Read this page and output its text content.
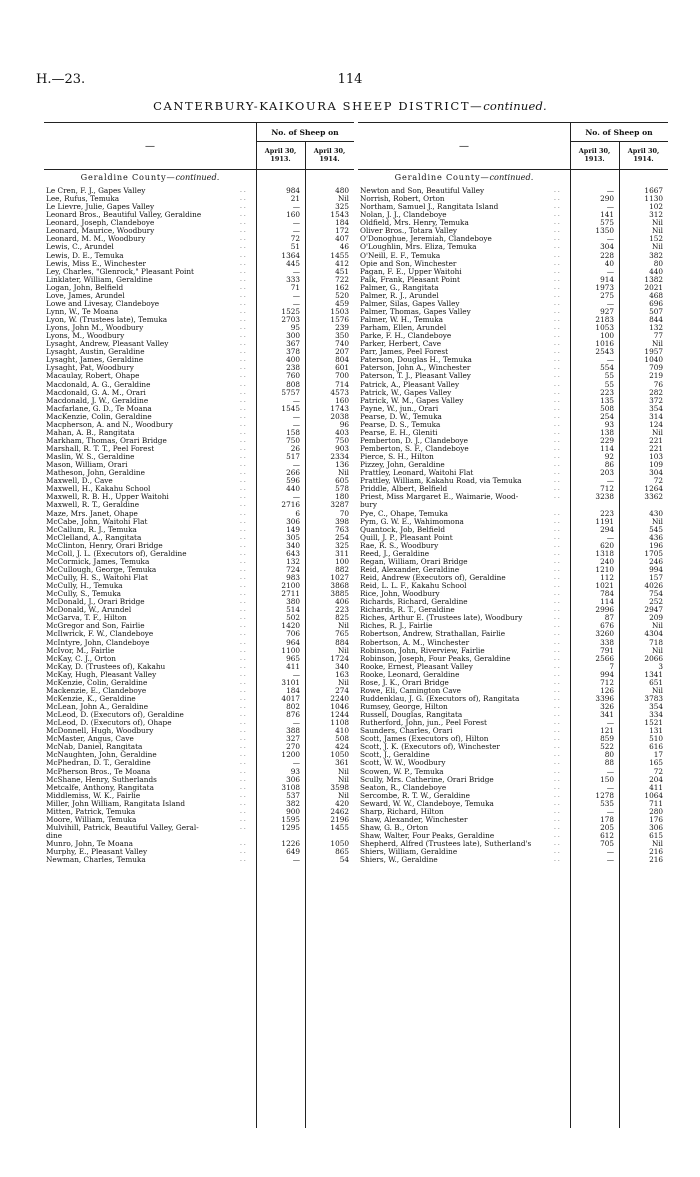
H.—23.	114
CANTERBURY-KAIKOURA SHEEP DISTRICT—continued.
—
No. of Sheep on
April 30,
1913.
April 30,
1914.
Geraldine County—continued.
Le Cren, F. J., Gapes Valley	. .	984	480
Lee, Rufus, Temuka	. .	21	Nil
Le Lievre, Julie, Gapes Valley	. .	—	325
Leonard Bros., Beautiful Valley, Geraldine	. .	160	1543
Leonard, Joseph, Clandeboye	. .	—	184
Leonard, Maurice, Woodbury	. .	—	172
Leonard, M. M., Woodbury	. .	72	407
Lewis, C., Arundel	. .	51	46
Lewis, D. E., Temuka	. .	1364	1455
Lewis, Miss E., Winchester	. .	445	412
Ley, Charles, "Glenrock," Pleasant Point	. .	—	451
Linklater, William, Geraldine	. .	333	722
Logan, John, Belfield	. .	71	162
Love, James, Arundel	. .	—	520
Lowe and Livesay, Clandeboye	. .	—	459
Lynn, W., Te Moana	. .	1525	1503
Lyon, W. (Trustees late), Temuka	. .	2703	1576
Lyons, John M., Woodbury	. .	95	239
Lyons, M., Woodbury	. .	300	350
Lysaght, Andrew, Pleasant Valley	. .	367	740
Lysaght, Austin, Geraldine	. .	378	207
Lysaght, James, Geraldine	. .	400	804
Lysaght, Pat, Woodbury	. .	238	601
Macaulay, Robert, Ohape	. .	760	700
Macdonald, A. G., Geraldine	. .	808	714
Macdonald, G. A. M., Orari	. .	5757	4573
Macdonald, J. W., Geraldine	. .	—	160
Macfarlane, G. D., Te Moana	. .	1545	1743
MacKenzie, Colin, Geraldine	. .	—	2038
Macpherson, A. and N., Woodbury	. .	—	96
Mahan, A. B., Rangitata	. .	158	403
Markham, Thomas, Orari Bridge	. .	750	750
Marshall, R. T. T., Peel Forest	. .	26	903
Maslin, W. S., Geraldine	. .	517	2334
Mason, William, Orari	. .	—	136
Matheson, John, Geraldine	. .	266	Nil
Maxwell, D., Cave	. .	596	605
Maxwell, H., Kakahu School	. .	440	578
Maxwell, R. B. H., Upper Waitohi	. .	—	180
Maxwell, R. T., Geraldine	. .	2716	3287
Maze, Mrs. Janet, Ohape	. .	6	70
McCabe, John, Waitohi Flat	. .	306	398
McCallum, R. J., Temuka	. .	149	763
McClelland, A., Rangitata	. .	305	254
McClinton, Henry, Orari Bridge	. .	340	325
McColl, J. L. (Executors of), Geraldine	. .	643	311
McCormick, James, Temuka	. .	132	100
McCullough, George, Temuka	. .	724	882
McCully, H. S., Waitohi Flat	. .	983	1027
McCully, H., Temuka	. .	2100	3868
McCully, S., Temuka	. .	2711	3885
McDonald, J., Orari Bridge	. .	380	406
McDonald, W., Arundel	. .	514	223
McGarva, T. F., Hilton	. .	502	825
McGregor and Son, Fairlie	. .	1420	Nil
McIlwrick, F. W., Clandeboye	. .	706	765
McIntyre, John, Clandeboye	. .	964	884
McIvor, M., Fairlie	. .	1100	Nil
McKay, C. J., Orton	. .	965	1724
McKay, D. (Trustees of), Kakahu	. .	411	340
McKay, Hugh, Pleasant Valley	. .	—	163
McKenzie, Colin, Geraldine	. .	3101	Nil
Mackenzie, E., Clandeboye	. .	184	274
McKenzie, K., Geraldine	. .	4017	2240
McLean, John A., Geraldine	. .	802	1046
McLeod, D. (Executors of), Geraldine	. .	876	1244
McLeod, D. (Executors of), Ohape	. .	—	1108
McDonnell, Hugh, Woodbury	. .	388	410
McMaster, Angus, Cave	. .	327	508
McNab, Daniel, Rangitata	. .	270	424
McNaughten, John, Geraldine	. .	1200	1050
McPhedran, D. T., Geraldine	. .	—	361
McPherson Bros., Te Moana	. .	93	Nil
McShane, Henry, Sutherlands	. .	306	Nil
Metcalfe, Anthony, Rangitata	. .	3108	3598
Middlemiss, W. K., Fairlie	. .	537	Nil
Miller, John William, Rangitata Island	. .	382	420
Mitten, Patrick, Temuka	. .	900	2462
Moore, William, Temuka	. .	1595	2196
Mulvihill, Patrick, Beautiful Valley, Geral-	. .	1295	1455
dine
Munro, John, Te Moana	. .	1226	1050
Murphy, E., Pleasant Valley	. .	649	865
Newman, Charles, Temuka	. .	—	54
—
No. of Sheep on
April 30,
1913.
April 30,
1914.
Geraldine County—continued.
Newton and Son, Beautiful Valley	. .	—	1667
Norrish, Robert, Orton	. .	290	1130
Northam, Samuel J., Rangitata Island	. .	—	102
Nolan, J. J., Clandeboye	. .	141	312
Oldfield, Mrs. Henry, Temuka	. .	575	Nil
Oliver Bros., Totara Valley	. .	1350	Nil
O'Donoghue, Jeremiah, Clandeboye	. .	—	152
O'Loughlin, Mrs. Eliza, Temuka	. .	304	Nil
O'Neill, E. F., Temuka	. .	228	382
Opie and Son, Winchester	. .	40	80
Pagan, F. E., Upper Waitohi	. .	—	440
Palk, Frank, Pleasant Point	. .	914	1382
Palmer, G., Rangitata	. .	1973	2021
Palmer, R. J., Arundel	. .	275	468
Palmer, Silas, Gapes Valley	. .	—	696
Palmer, Thomas, Gapes Valley	. .	927	507
Palmer, W. H., Temuka	. .	2183	844
Parham, Ellen, Arundel	. .	1053	132
Parke, F. H., Clandeboye	. .	100	77
Parker, Herbert, Cave	. .	1016	Nil
Parr, James, Peel Forest	. .	2543	1957
Paterson, Douglas H., Temuka	. .	—	1040
Paterson, John A., Winchester	. .	554	709
Paterson, T. J., Pleasant Valley	. .	55	219
Patrick, A., Pleasant Valley	. .	55	76
Patrick, W., Gapes Valley	. .	223	282
Patrick, W. M., Gapes Valley	. .	135	372
Payne, W., jun., Orari	. .	508	354
Pearse, D. W., Temuka	. .	254	314
Pearse, D. S., Temuka	. .	93	124
Pearse, E. H., Gleniti	. .	138	Nil
Pemberton, D. J., Clandeboye	. .	229	221
Pemberton, S. F., Clandeboye	. .	114	221
Pierce, S. H., Hilton	. .	92	103
Pizzey, John, Geraldine	. .	86	109
Prattley, Leonard, Waitohi Flat	. .	203	304
Prattley, William, Kakahu Road, via Temuka	. .	—	72
Priddle, Albert, Belfield	. .	712	1264
Priest, Miss Margaret E., Waimarie, Wood-	. .	3238	3362
bury
Pye, C., Ohape, Temuka	. .	223	430
Pym, G. W. E., Wahimomona	. .	1191	Nil
Quantock, Job, Belfield	. .	294	545
Quill, J. P., Pleasant Point	. .	—	436
Rae, R. S., Woodbury	. .	620	196
Reed, J., Geraldine	. .	1318	1705
Regan, William, Orari Bridge	. .	240	246
Reid, Alexander, Geraldine	. .	1210	994
Reid, Andrew (Executors of), Geraldine	. .	112	157
Reid, L. L. F., Kakahu School	. .	1021	4026
Rice, John, Woodbury	. .	784	754
Richards, Richard, Geraldine	. .	114	252
Richards, R. T., Geraldine	. .	2996	2947
Riches, Arthur E. (Trustees late), Woodbury	. .	87	209
Riches, R. J., Fairlie	. .	676	Nil
Robertson, Andrew, Strathallan, Fairlie	. .	3260	4304
Robertson, A. M., Winchester	. .	338	718
Robinson, John, Riverview, Fairlie	. .	791	Nil
Robinson, Joseph, Four Peaks, Geraldine	. .	2566	2066
Rooke, Ernest, Pleasant Valley	. .	7	3
Rooke, Leonard, Geraldine	. .	994	1341
Rose, J. K., Orari Bridge	. .	712	651
Rowe, Eli, Camington Cave	. .	126	Nil
Ruddenklau, J. G. (Executors of), Rangitata	. .	3396	3783
Rumsey, George, Hilton	. .	326	354
Russell, Douglas, Rangitata	. .	341	334
Rutherford, John, jun., Peel Forest	. .	—	1521
Saunders, Charles, Orari	. .	121	131
Scott, James (Executors of), Hilton	. .	859	510
Scott, J. K. (Executors of), Winchester	. .	522	616
Scott, J., Geraldine	. .	80	17
Scott, W. W., Woodbury	. .	88	165
Scowen, W. P., Temuka	. .	—	72
Scully, Mrs. Catherine, Orari Bridge	. .	150	204
Seaton, R., Clandeboye	. .	—	411
Sercombe, R. T. W., Geraldine	. .	1278	1064
Seward, W. W., Clandeboye, Temuka	. .	535	711
Sharp, Richard, Hilton	. .	—	280
Shaw, Alexander, Winchester	. .	178	176
Shaw, G. B., Orton	. .	205	306
Shaw, Walter, Four Peaks, Geraldine	. .	612	615
Shepherd, Alfred (Trustees late), Sutherland's	. .	705	Nil
Shiers, William, Geraldine	. .	—	216
Shiers, W., Geraldine	. .	—	216
